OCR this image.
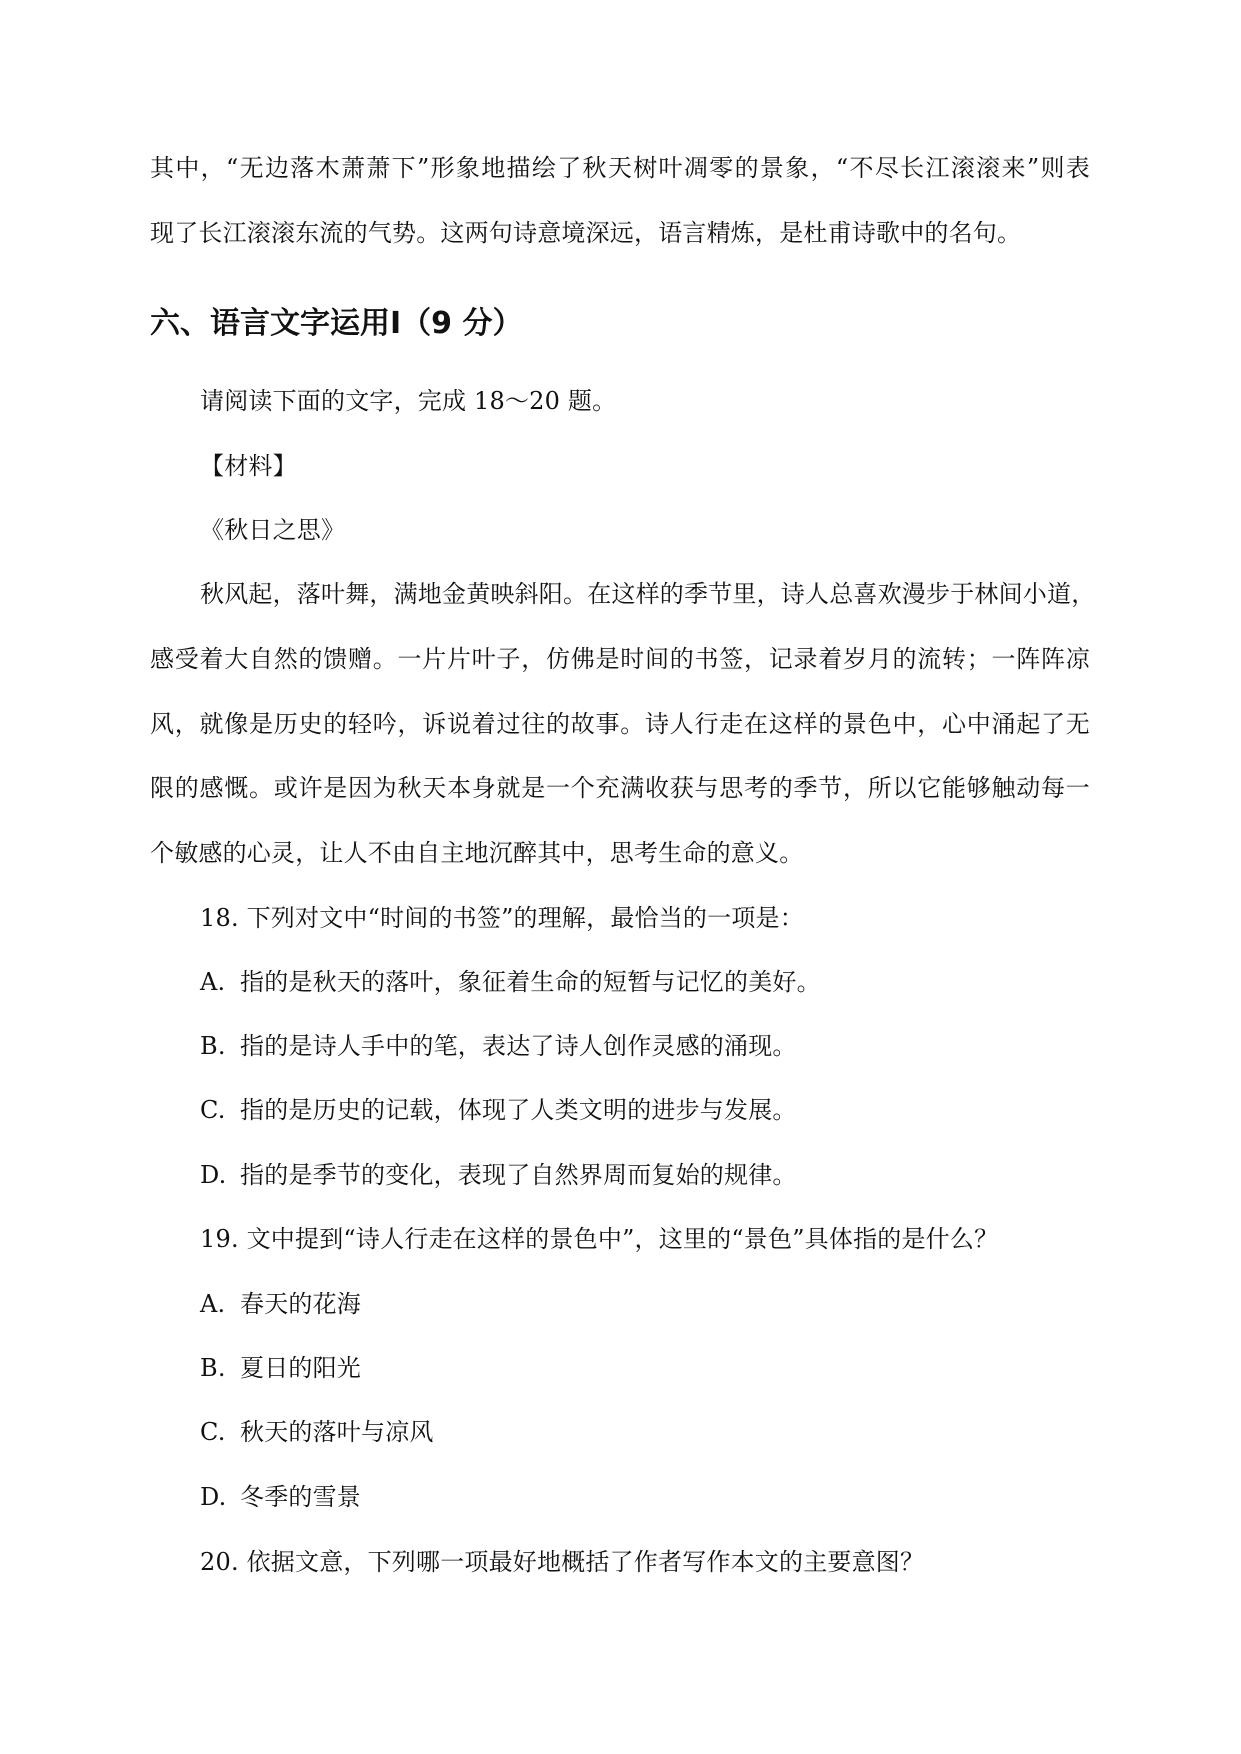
其中，“无边落木萧萧下”形象地描绘了秋天树叶凋零的景象，“不尽长江滚滚来”则表
现了长江滚滚东流的气势。这两句诗意境深远，语言精炼，是杜甫诗歌中的名句。
六、语言文字运用Ⅰ（9 分）
请阅读下面的文字，完成 18～20 题。
【材料】
《秋日之思》
秋风起，落叶舞，满地金黄映斜阳。在这样的季节里，诗人总喜欢漫步于林间小道，
感受着大自然的馈赠。一片片叶子，仿佛是时间的书签，记录着岁月的流转；一阵阵凉
风，就像是历史的轻吟，诉说着过往的故事。诗人行走在这样的景色中，心中涌起了无
限的感慨。或许是因为秋天本身就是一个充满收获与思考的季节，所以它能够触动每一
个敏感的心灵，让人不由自主地沉醉其中，思考生命的意义。
18. 下列对文中“时间的书签”的理解，最恰当的一项是：
A. 指的是秋天的落叶，象征着生命的短暂与记忆的美好。
B. 指的是诗人手中的笔，表达了诗人创作灵感的涌现。
C. 指的是历史的记载，体现了人类文明的进步与发展。
D. 指的是季节的变化，表现了自然界周而复始的规律。
19. 文中提到“诗人行走在这样的景色中”，这里的“景色”具体指的是什么？
A. 春天的花海
B. 夏日的阳光
C. 秋天的落叶与凉风
D. 冬季的雪景
20. 依据文意，下列哪一项最好地概括了作者写作本文的主要意图？
